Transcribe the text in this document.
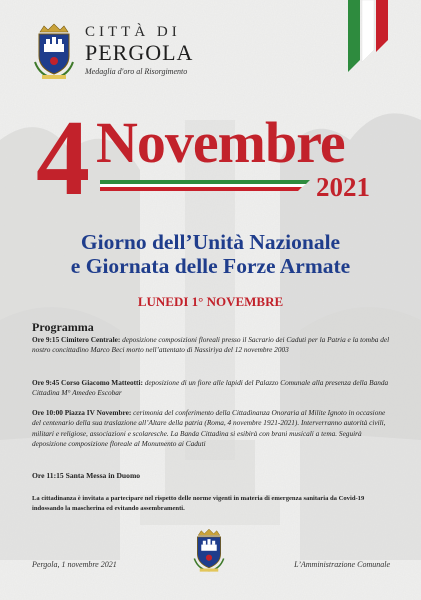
CITTÀ DI
PERGOLA
Medaglia d'oro al Risorgimento
4 Novembre
2021
Giorno dell’Unità Nazionale
e Giornata delle Forze Armate
LUNEDI 1° NOVEMBRE
Programma
Ore 9:15 Cimitero Centrale: deposizione composizioni floreali presso il Sacrario dei Caduti per la Patria e la tomba del nostro concittadino Marco Beci morto nell’attentato di Nassiriya del 12 novembre 2003
Ore 9:45 Corso Giacomo Matteotti: deposizione di un fiore alle lapidi del Palazzo Comunale alla presenza della Banda Cittadina M° Amedeo Escobar
Ore 10:00 Piazza IV Novembre: cerimonia del conferimento della Cittadinanza Onoraria al Milite Ignoto in occasione del centenario della sua traslazione all’Altare della patria (Roma, 4 novembre 1921-2021). Interverranno autorità civili, militari e religiose, associazioni e scolaresche. La Banda Cittadina si esibirà con brani musicali a tema. Seguirà deposizione composizione floreale al Monumento ai Caduti
Ore 11:15 Santa Messa in Duomo
La cittadinanza è invitata a partecipare nel rispetto delle norme vigenti in materia di emergenza sanitaria da Covid-19 indossando la mascherina ed evitando assembramenti.
Pergola, 1 novembre 2021	L’Amministrazione Comunale
